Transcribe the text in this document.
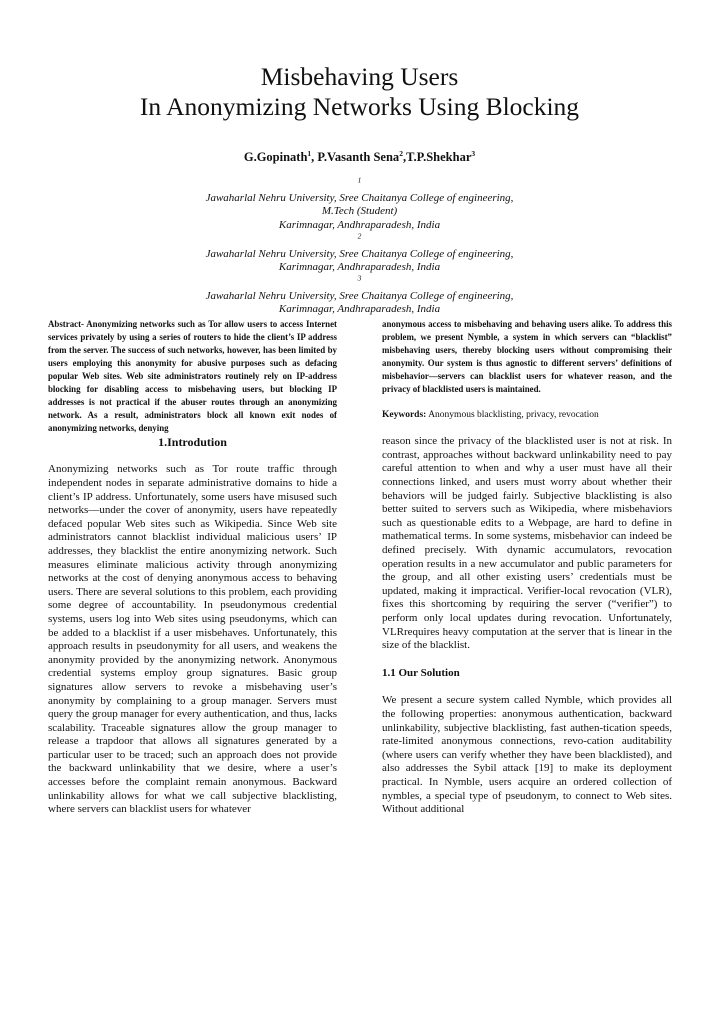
Misbehaving Users
In Anonymizing Networks Using Blocking
G.Gopinath$^1$, P.Vasanth Sena$^2$,T.P.Shekhar$^3$
$^1$
Jawaharlal Nehru University, Sree Chaitanya College of engineering,
M.Tech (Student)
Karimnagar, Andhraparadesh, India
$^2$
Jawaharlal Nehru University, Sree Chaitanya College of engineering,
Karimnagar, Andhraparadesh, India
$^3$
Jawaharlal Nehru University, Sree Chaitanya College of engineering,
Karimnagar, Andhraparadesh, India

Abstract- Anonymizing networks such as Tor allow users to access Internet services privately by using a series of routers to hide the client’s IP address from the server. The success of such networks, however, has been limited by users employing this anonymity for abusive purposes such as defacing popular Web sites. Web site administrators routinely rely on IP-address blocking for disabling access to misbehaving users, but blocking IP addresses is not practical if the abuser routes through an anonymizing network. As a result, administrators block all known exit nodes of anonymizing networks, denying

1.Introdution

Anonymizing networks such as Tor route traffic through independent nodes in separate administrative domains to hide a client’s IP address. Unfortunately, some users have misused such networks—under the cover of anonymity, users have repeatedly defaced popular Web sites such as Wikipedia. Since Web site administrators cannot blacklist individual malicious users’ IP addresses, they blacklist the entire anonymizing network. Such measures eliminate malicious activity through anonymizing networks at the cost of denying anonymous access to behaving users. There are several solutions to this problem, each providing some degree of accountability. In pseudonymous credential systems, users log into Web sites using pseudonyms, which can be added to a blacklist if a user misbehaves. Unfortunately, this approach results in pseudonymity for all users, and weakens the anonymity provided by the anonymizing network. Anonymous credential systems employ group signatures. Basic group signatures allow servers to revoke a misbehaving user’s anonymity by complaining to a group manager. Servers must query the group manager for every authentication, and thus, lacks scalability. Traceable signatures allow the group manager to release a trapdoor that allows all signatures generated by a particular user to be traced; such an approach does not provide the backward unlinkability that we desire, where a user’s accesses before the complaint remain anonymous. Backward unlinkability allows for what we call subjective blacklisting, where servers can blacklist users for whatever

anonymous access to misbehaving and behaving users alike. To address this problem, we present Nymble, a system in which servers can “blacklist” misbehaving users, thereby blocking users without compromising their anonymity. Our system is thus agnostic to different servers’ definitions of misbehavior—servers can blacklist users for whatever reason, and the privacy of blacklisted users is maintained.

Keywords: Anonymous blacklisting, privacy, revocation

reason since the privacy of the blacklisted user is not at risk. In contrast, approaches without backward unlinkability need to pay careful attention to when and why a user must have all their connections linked, and users must worry about whether their behaviors will be judged fairly. Subjective blacklisting is also better suited to servers such as Wikipedia, where misbehaviors such as questionable edits to a Webpage, are hard to define in mathematical terms. In some systems, misbehavior can indeed be defined precisely. With dynamic accumulators, revocation operation results in a new accumulator and public parameters for the group, and all other existing users’ credentials must be updated, making it impractical. Verifier-local revocation (VLR), fixes this shortcoming by requiring the server (“verifier”) to perform only local updates during revocation. Unfortunately, VLRrequires heavy computation at the server that is linear in the size of the blacklist.

1.1 Our Solution

We present a secure system called Nymble, which provides all the following properties: anonymous authentication, backward unlinkability, subjective blacklisting, fast authen-tication speeds, rate-limited anonymous connections, revo-cation auditability (where users can verify whether they have been blacklisted), and also addresses the Sybil attack [19] to make its deployment practical. In Nymble, users acquire an ordered collection of nymbles, a special type of pseudonym, to connect to Web sites. Without additional
